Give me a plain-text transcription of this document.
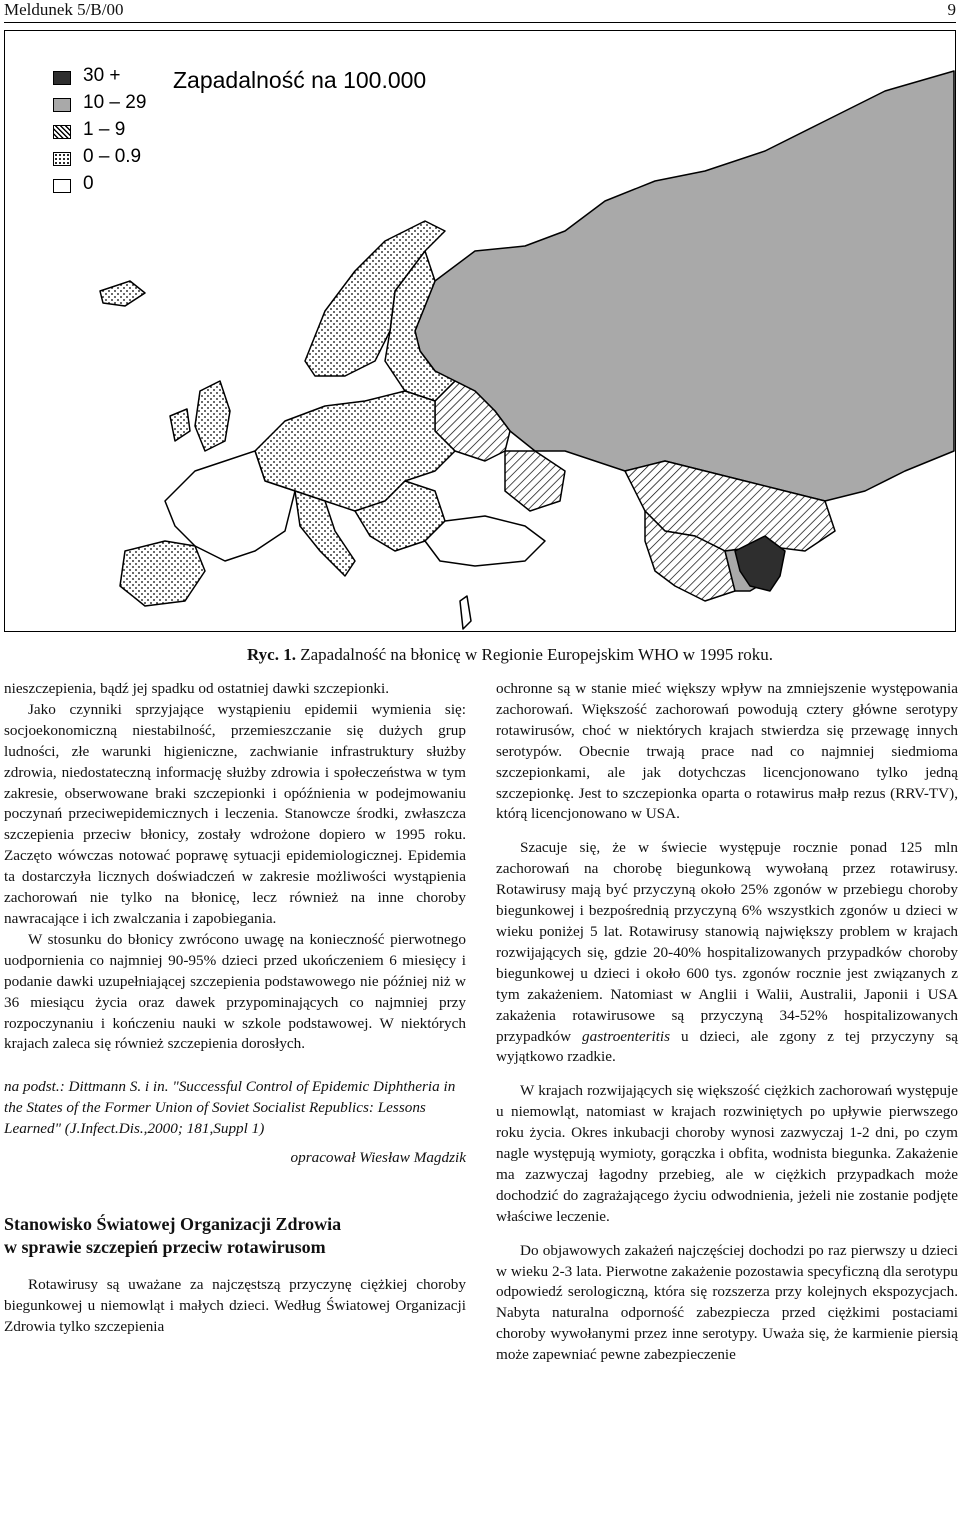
Meldunek 5/B/00	9
30 +
10 – 29
1 – 9
0 – 0.9
0
Zapadalność na 100.000
Ryc. 1. Zapadalność na błonicę w Regionie Europejskim WHO w 1995 roku.

nieszczepienia, bądź jej spadku od ostatniej dawki szczepionki.

Jako czynniki sprzyjające wystąpieniu epidemii wymienia się: socjoekonomiczną niestabilność, przemieszczanie się dużych grup ludności, złe warunki higieniczne, zachwianie infrastruktury służby zdrowia, niedostateczną informację służby zdrowia i społeczeństwa w tym zakresie, obserwowane braki szczepionki i opóźnienia w podejmowaniu poczynań przeciwepidemicznych i leczenia. Stanowcze środki, zwłaszcza szczepienia przeciw błonicy, zostały wdrożone dopiero w 1995 roku. Zaczęto wówczas notować poprawę sytuacji epidemiologicznej. Epidemia ta dostarczyła licznych doświadczeń w zakresie możliwości wystąpienia zachorowań nie tylko na błonicę, lecz również na inne choroby nawracające i ich zwalczania i zapobiegania.

W stosunku do błonicy zwrócono uwagę na konieczność pierwotnego uodpornienia co najmniej 90-95% dzieci przed ukończeniem 6 miesięcy i podanie dawki uzupełniającej szczepienia podstawowego nie później niż w 36 miesiącu życia oraz dawek przypominających co najmniej przy rozpoczynaniu i kończeniu nauki w szkole podstawowej. W niektórych krajach zaleca się również szczepienia dorosłych.

na podst.: Dittmann S. i in. "Successful Control of Epidemic Diphtheria in the States of the Former Union of Soviet Socialist Republics: Lessons Learned" (J.Infect.Dis.,2000; 181,Suppl 1)

opracował Wiesław Magdzik

Stanowisko Światowej Organizacji Zdrowia
w sprawie szczepień przeciw rotawirusom

Rotawirusy są uważane za najczęstszą przyczynę ciężkiej choroby biegunkowej u niemowląt i małych dzieci. Według Światowej Organizacji Zdrowia tylko szczepienia

ochronne są w stanie mieć większy wpływ na zmniejszenie występowania zachorowań. Większość zachorowań powodują cztery główne serotypy rotawirusów, choć w niektórych krajach stwierdza się przewagę innych serotypów. Obecnie trwają prace nad co najmniej siedmioma szczepionkami, ale jak dotychczas licencjonowano tylko jedną szczepionkę. Jest to szczepionka oparta o rotawirus małp rezus (RRV-TV), którą licencjonowano w USA.

Szacuje się, że w świecie występuje rocznie ponad 125 mln zachorowań na chorobę biegunkową wywołaną przez rotawirusy. Rotawirusy mają być przyczyną około 25% zgonów w przebiegu choroby biegunkowej i bezpośrednią przyczyną 6% wszystkich zgonów u dzieci w wieku poniżej 5 lat. Rotawirusy stanowią największy problem w krajach rozwijających się, gdzie 20-40% hospitalizowanych przypadków choroby biegunkowej u dzieci i około 600 tys. zgonów rocznie jest związanych z tym zakażeniem. Natomiast w Anglii i Walii, Australii, Japonii i USA zakażenia rotawirusowe są przyczyną 34-52% hospitalizowanych przypadków gastroenteritis u dzieci, ale zgony z tej przyczyny są wyjątkowo rzadkie.

W krajach rozwijających się większość ciężkich zachorowań występuje u niemowląt, natomiast w krajach rozwiniętych po upływie pierwszego roku życia. Okres inkubacji choroby wynosi zazwyczaj 1-2 dni, po czym nagle występują wymioty, gorączka i obfita, wodnista biegunka. Zakażenie ma zazwyczaj łagodny przebieg, ale w ciężkich przypadkach może dochodzić do zagrażającego życiu odwodnienia, jeżeli nie zostanie podjęte właściwe leczenie.

Do objawowych zakażeń najczęściej dochodzi po raz pierwszy u dzieci w wieku 2-3 lata. Pierwotne zakażenie pozostawia specyficzną dla serotypu odpowiedź serologiczną, która się rozszerza przy kolejnych ekspozycjach. Nabyta naturalna odporność zabezpiecza przed ciężkimi postaciami choroby wywołanymi przez inne serotypy. Uważa się, że karmienie piersią może zapewniać pewne zabezpieczenie
